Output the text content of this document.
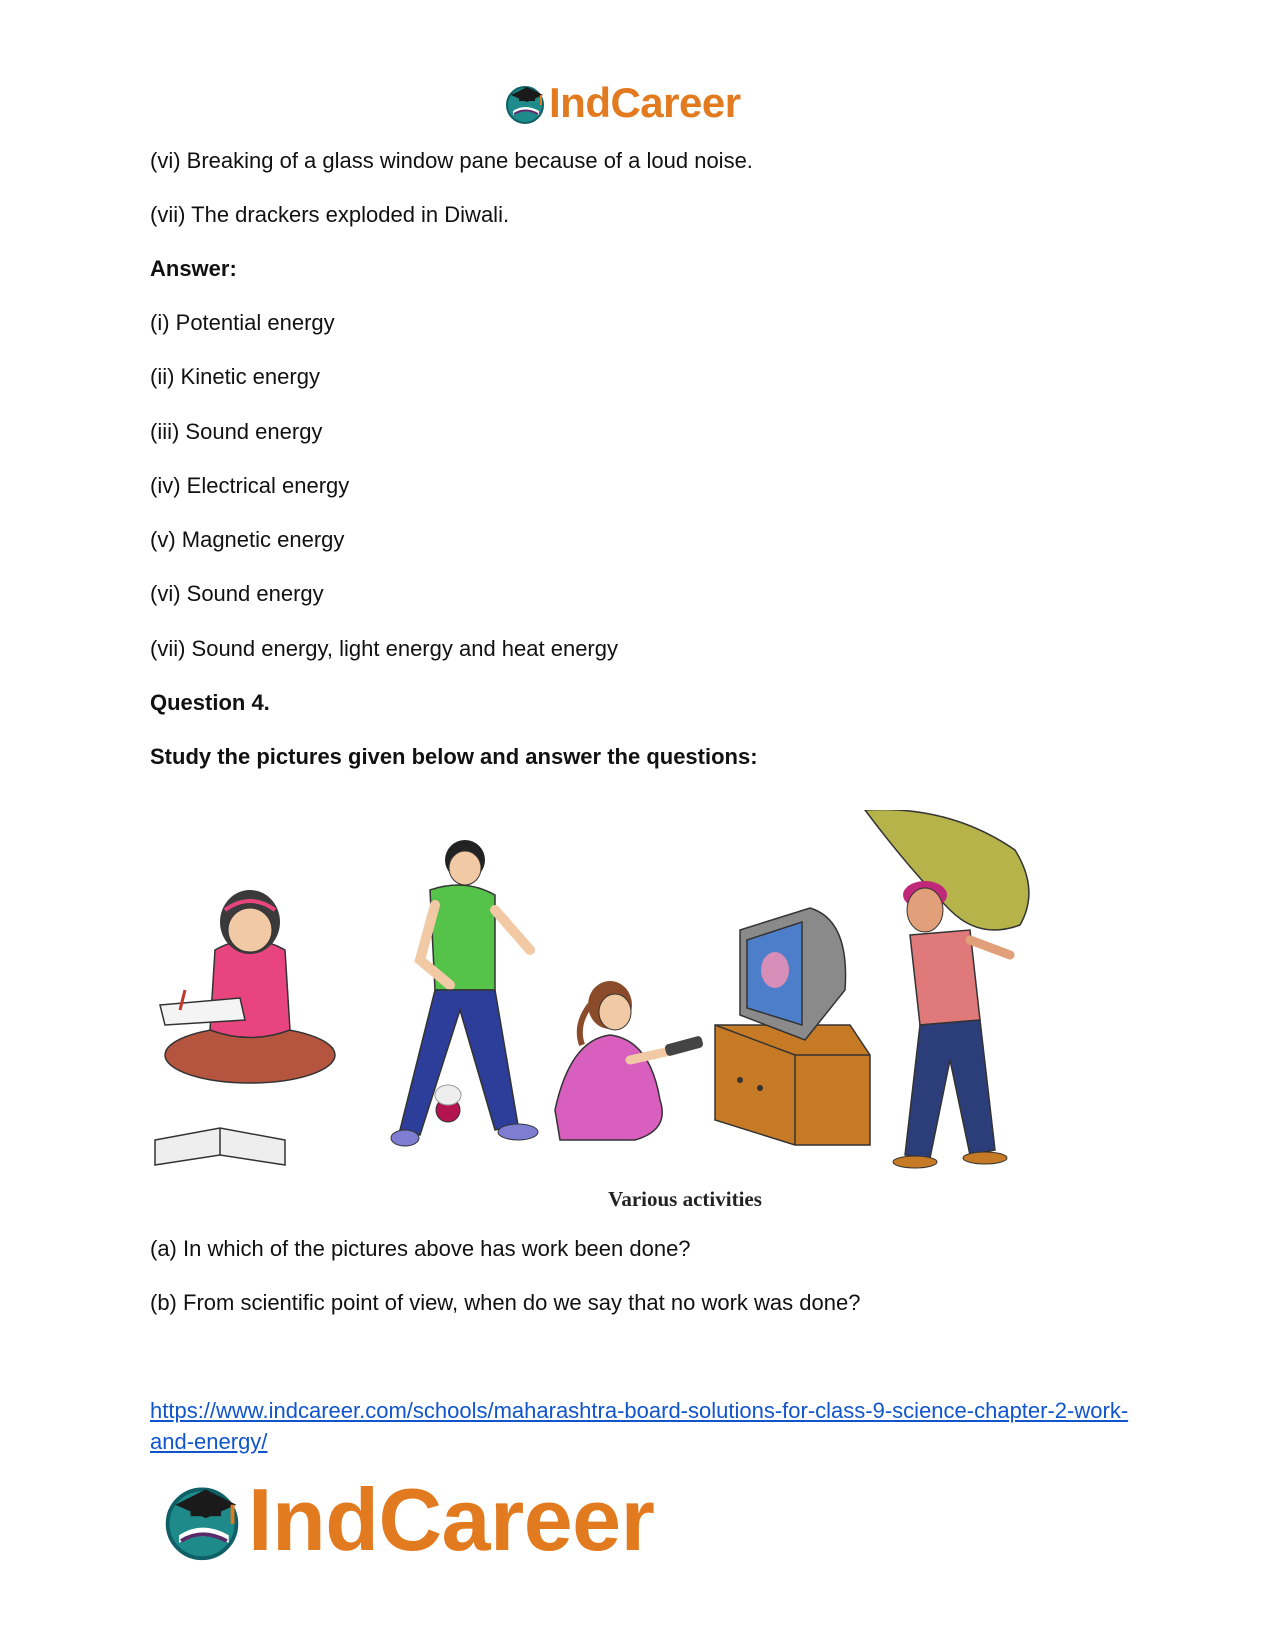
IndCareer
(vi) Breaking of a glass window pane because of a loud noise.
(vii) The drackers exploded in Diwali.
Answer:
(i) Potential energy
(ii) Kinetic energy
(iii) Sound energy
(iv) Electrical energy
(v) Magnetic energy
(vi) Sound energy
(vii) Sound energy, light energy and heat energy
Question 4.
Study the pictures given below and answer the questions:
Various activities
(a) In which of the pictures above has work been done?
(b) From scientific point of view, when do we say that no work was done?
https://www.indcareer.com/schools/maharashtra-board-solutions-for-class-9-science-chapter-2-work-and-energy/
IndCareer
